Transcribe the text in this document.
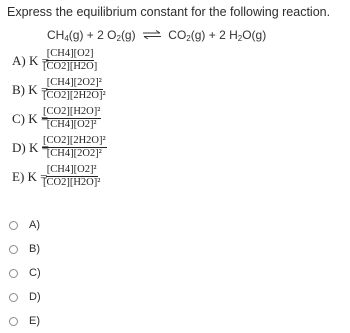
Express the equilibrium constant for the following reaction.
$CH_4(g) + 2$ $O_2(g)$ ⇌ $CO_2(g) + 2$ $H_2O(g)$
A) K =
$\frac{[CH4][O2]}{[CO2][H2O]}$
B) K =
$\frac{\text{[CH4][2O2]²}}{\text{[CO2][2H2O]²}}$
C) K =
$\frac{\text{[CO2][H2O]²}}{\text{[CH4][O2]²}}$
D) K =
$\frac{\text{[CO2][2H2O]²}}{\text{[CH4][2O2]²}}$
E) K =
$\frac{\text{[CH4][O2]²}}{\text{[CO2][H2O]²}}$
A)
B)
C)
D)
E)
